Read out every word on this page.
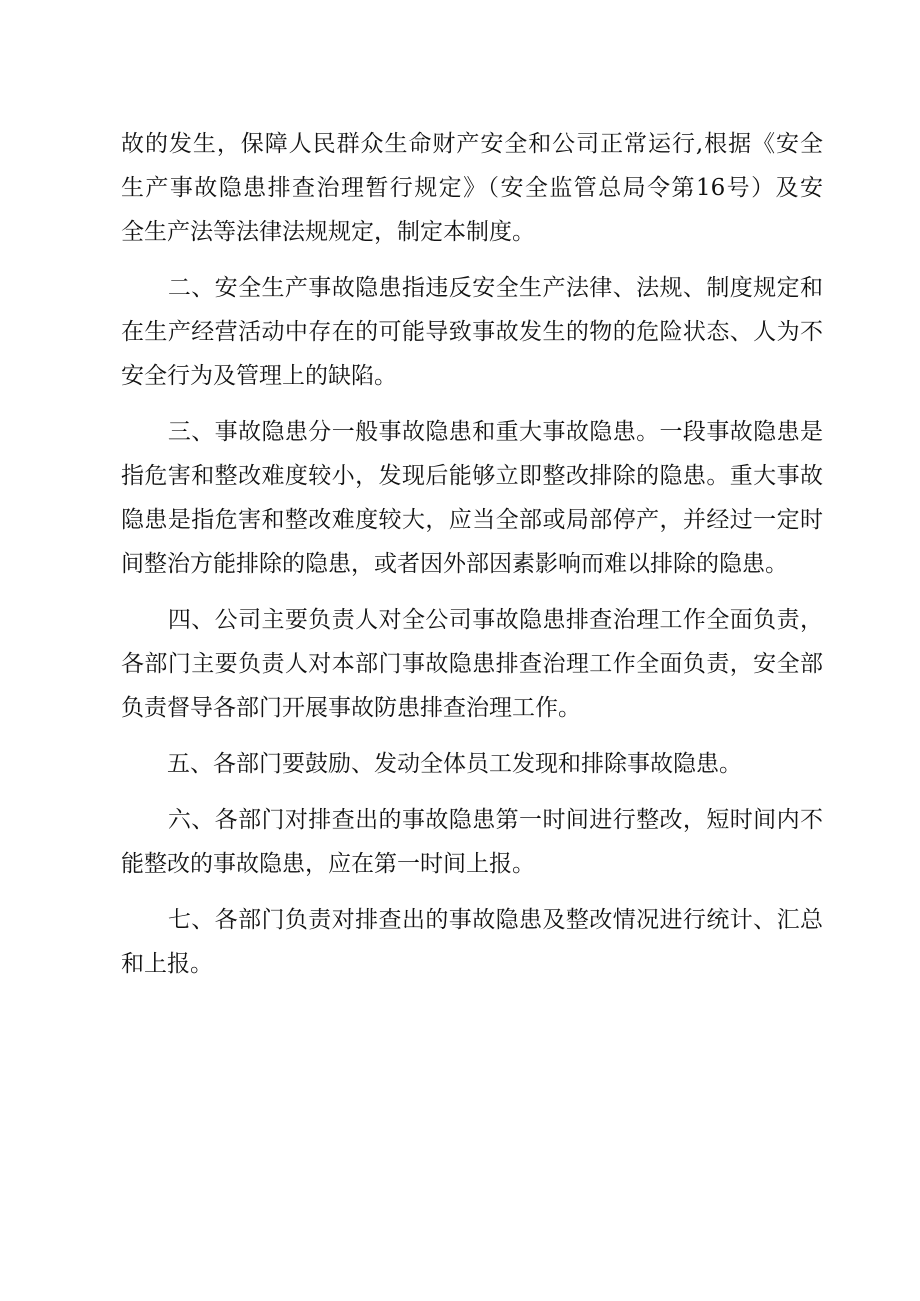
故的发生，保障人民群众生命财产安全和公司正常运行,根据《安全
生产事故隐患排查治理暂行规定》（安全监管总局令第16号）及安
全生产法等法律法规规定，制定本制度。
　　二、安全生产事故隐患指违反安全生产法律、法规、制度规定和
在生产经营活动中存在的可能导致事故发生的物的危险状态、人为不
安全行为及管理上的缺陷。
　　三、事故隐患分一般事故隐患和重大事故隐患。一段事故隐患是
指危害和整改难度较小，发现后能够立即整改排除的隐患。重大事故
隐患是指危害和整改难度较大，应当全部或局部停产，并经过一定时
间整治方能排除的隐患，或者因外部因素影响而难以排除的隐患。
　　四、公司主要负责人对全公司事故隐患排查治理工作全面负责，
各部门主要负责人对本部门事故隐患排查治理工作全面负责，安全部
负责督导各部门开展事故防患排查治理工作。
　　五、各部门要鼓励、发动全体员工发现和排除事故隐患。
　　六、各部门对排查出的事故隐患第一时间进行整改，短时间内不
能整改的事故隐患，应在第一时间上报。
　　七、各部门负责对排查出的事故隐患及整改情况进行统计、汇总
和上报。
